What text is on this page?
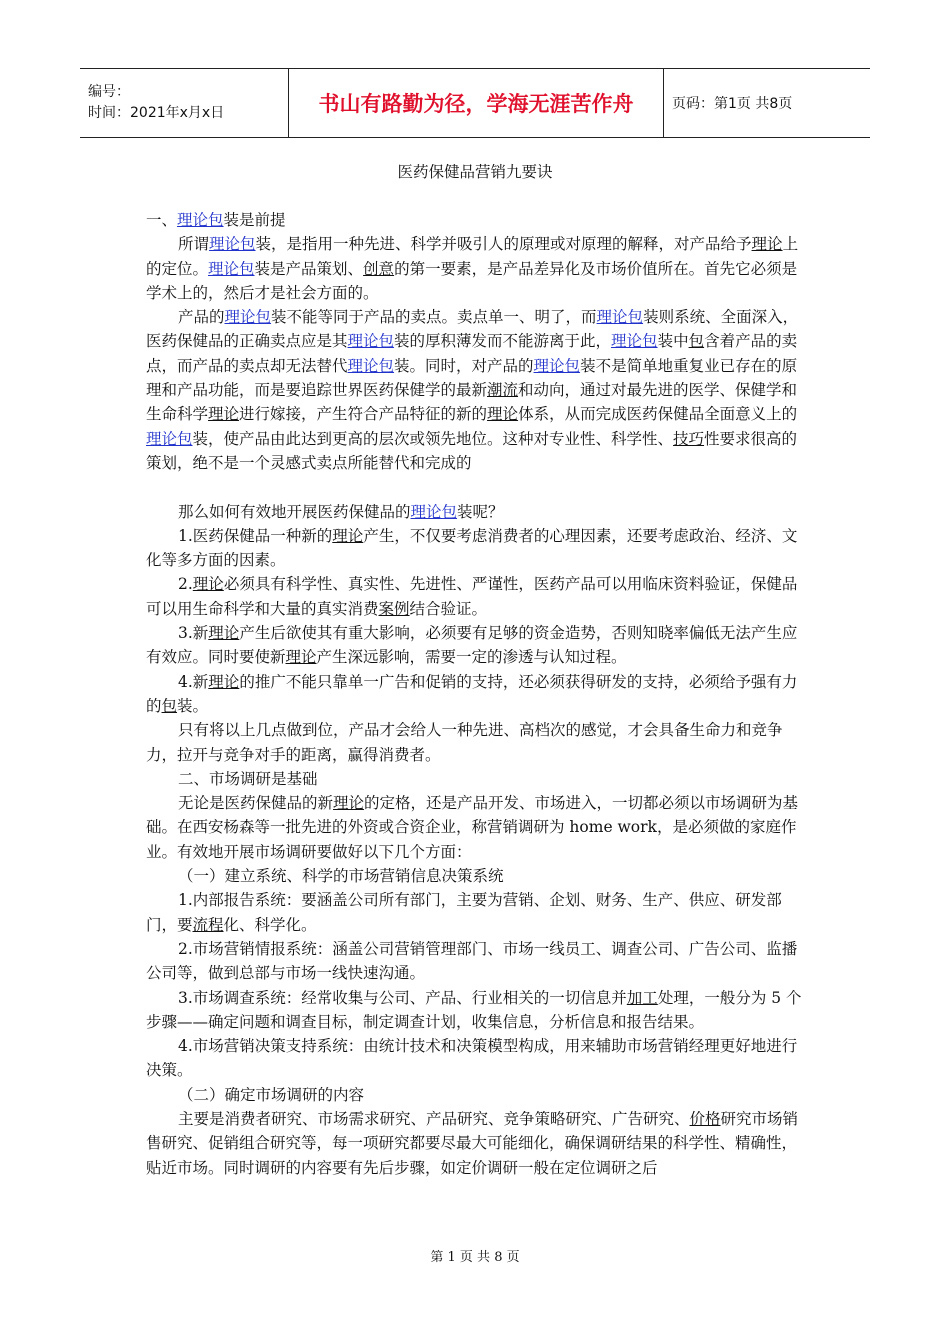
编号：
时间：2021年x月x日	书山有路勤为径，学海无涯苦作舟	页码：第1页 共8页
医药保健品营销九要诀

一、理论包装是前提

所谓理论包装，是指用一种先进、科学并吸引人的原理或对原理的解释，对产品给予理论上的定位。理论包装是产品策划、创意的第一要素，是产品差异化及市场价值所在。首先它必须是学术上的，然后才是社会方面的。

产品的理论包装不能等同于产品的卖点。卖点单一、明了，而理论包装则系统、全面深入，医药保健品的正确卖点应是其理论包装的厚积薄发而不能游离于此，理论包装中包含着产品的卖点，而产品的卖点却无法替代理论包装。同时，对产品的理论包装不是简单地重复业已存在的原理和产品功能，而是要追踪世界医药保健学的最新潮流和动向，通过对最先进的医学、保健学和生命科学理论进行嫁接，产生符合产品特征的新的理论体系，从而完成医药保健品全面意义上的理论包装，使产品由此达到更高的层次或领先地位。这种对专业性、科学性、技巧性要求很高的策划，绝不是一个灵感式卖点所能替代和完成的

那么如何有效地开展医药保健品的理论包装呢？

1.医药保健品一种新的理论产生，不仅要考虑消费者的心理因素，还要考虑政治、经济、文化等多方面的因素。

2.理论必须具有科学性、真实性、先进性、严谨性，医药产品可以用临床资料验证，保健品可以用生命科学和大量的真实消费案例结合验证。

3.新理论产生后欲使其有重大影响，必须要有足够的资金造势，否则知晓率偏低无法产生应有效应。同时要使新理论产生深远影响，需要一定的渗透与认知过程。

4.新理论的推广不能只靠单一广告和促销的支持，还必须获得研发的支持，必须给予强有力的包装。

只有将以上几点做到位，产品才会给人一种先进、高档次的感觉，才会具备生命力和竞争力，拉开与竞争对手的距离，赢得消费者。

二、市场调研是基础

无论是医药保健品的新理论的定格，还是产品开发、市场进入，一切都必须以市场调研为基础。在西安杨森等一批先进的外资或合资企业，称营销调研为 home work，是必须做的家庭作业。有效地开展市场调研要做好以下几个方面：

（一）建立系统、科学的市场营销信息决策系统

1.内部报告系统：要涵盖公司所有部门，主要为营销、企划、财务、生产、供应、研发部门，要流程化、科学化。

2.市场营销情报系统：涵盖公司营销管理部门、市场一线员工、调查公司、广告公司、监播公司等，做到总部与市场一线快速沟通。

3.市场调查系统：经常收集与公司、产品、行业相关的一切信息并加工处理，一般分为 5 个步骤——确定问题和调查目标，制定调查计划，收集信息，分析信息和报告结果。

4.市场营销决策支持系统：由统计技术和决策模型构成，用来辅助市场营销经理更好地进行决策。

（二）确定市场调研的内容

主要是消费者研究、市场需求研究、产品研究、竞争策略研究、广告研究、价格研究市场销售研究、促销组合研究等，每一项研究都要尽最大可能细化，确保调研结果的科学性、精确性，贴近市场。同时调研的内容要有先后步骤，如定价调研一般在定位调研之后

第 1 页 共 8 页
